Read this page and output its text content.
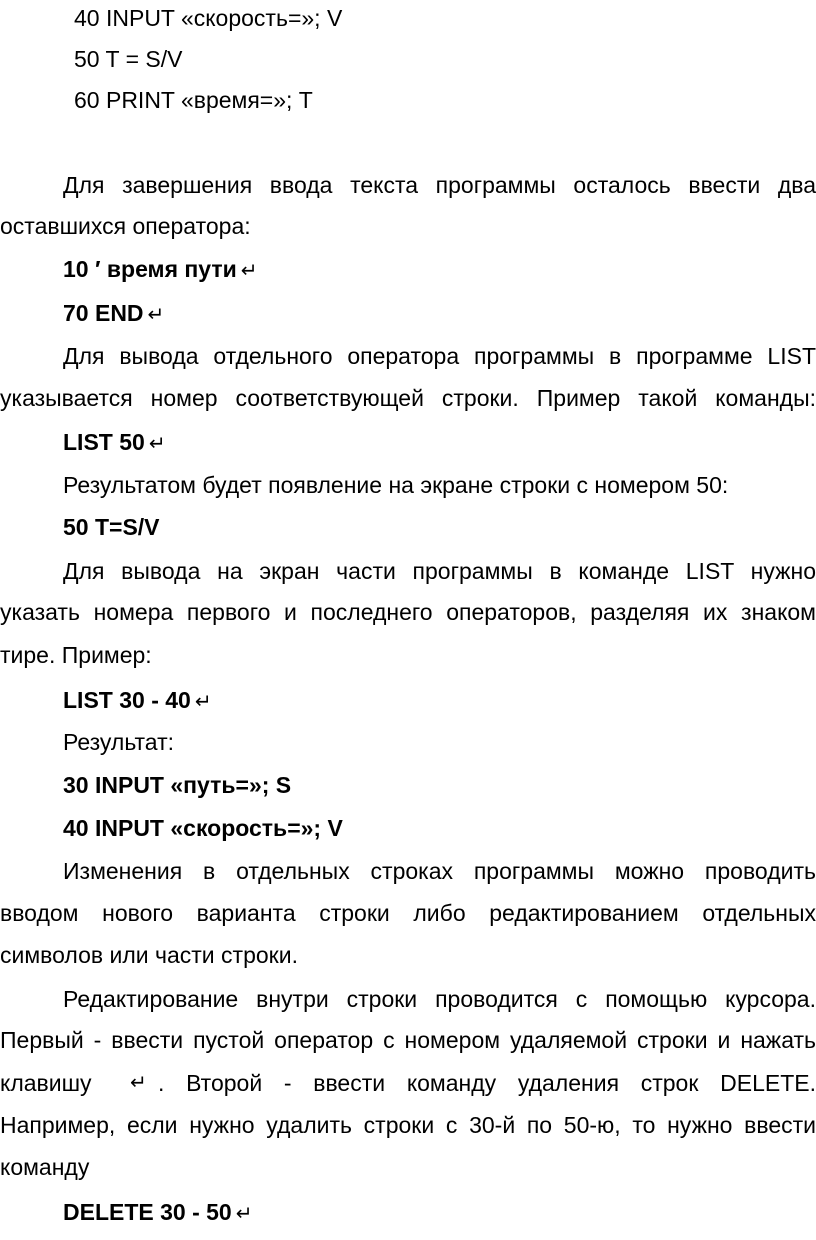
40 INPUT «скорость=»; V
50 T = S/V
60 PRINT «время=»; T
Для завершения ввода текста программы осталось ввести два
оставшихся оператора:
10 ′ время пути ↵
70 END ↵
Для вывода отдельного оператора программы в программе LIST
указывается номер соответствующей строки. Пример такой команды:
LIST 50 ↵
Результатом будет появление на экране строки с номером 50:
50 T=S/V
Для вывода на экран части программы в команде LIST нужно
указать номера первого и последнего операторов, разделяя их знаком
тире. Пример:
LIST 30 - 40 ↵
Результат:
30 INPUT «путь=»; S
40 INPUT «скорость=»; V
Изменения в отдельных строках программы можно проводить
вводом нового варианта строки либо редактированием отдельных
символов или части строки.
Редактирование внутри строки проводится с помощью курсора.
Первый - ввести пустой оператор с номером удаляемой строки и нажать
клавишу ↵ . Второй - ввести команду удаления строк DELETE.
Например, если нужно удалить строки с 30-й по 50-ю, то нужно ввести
команду
DELETE 30 - 50 ↵
